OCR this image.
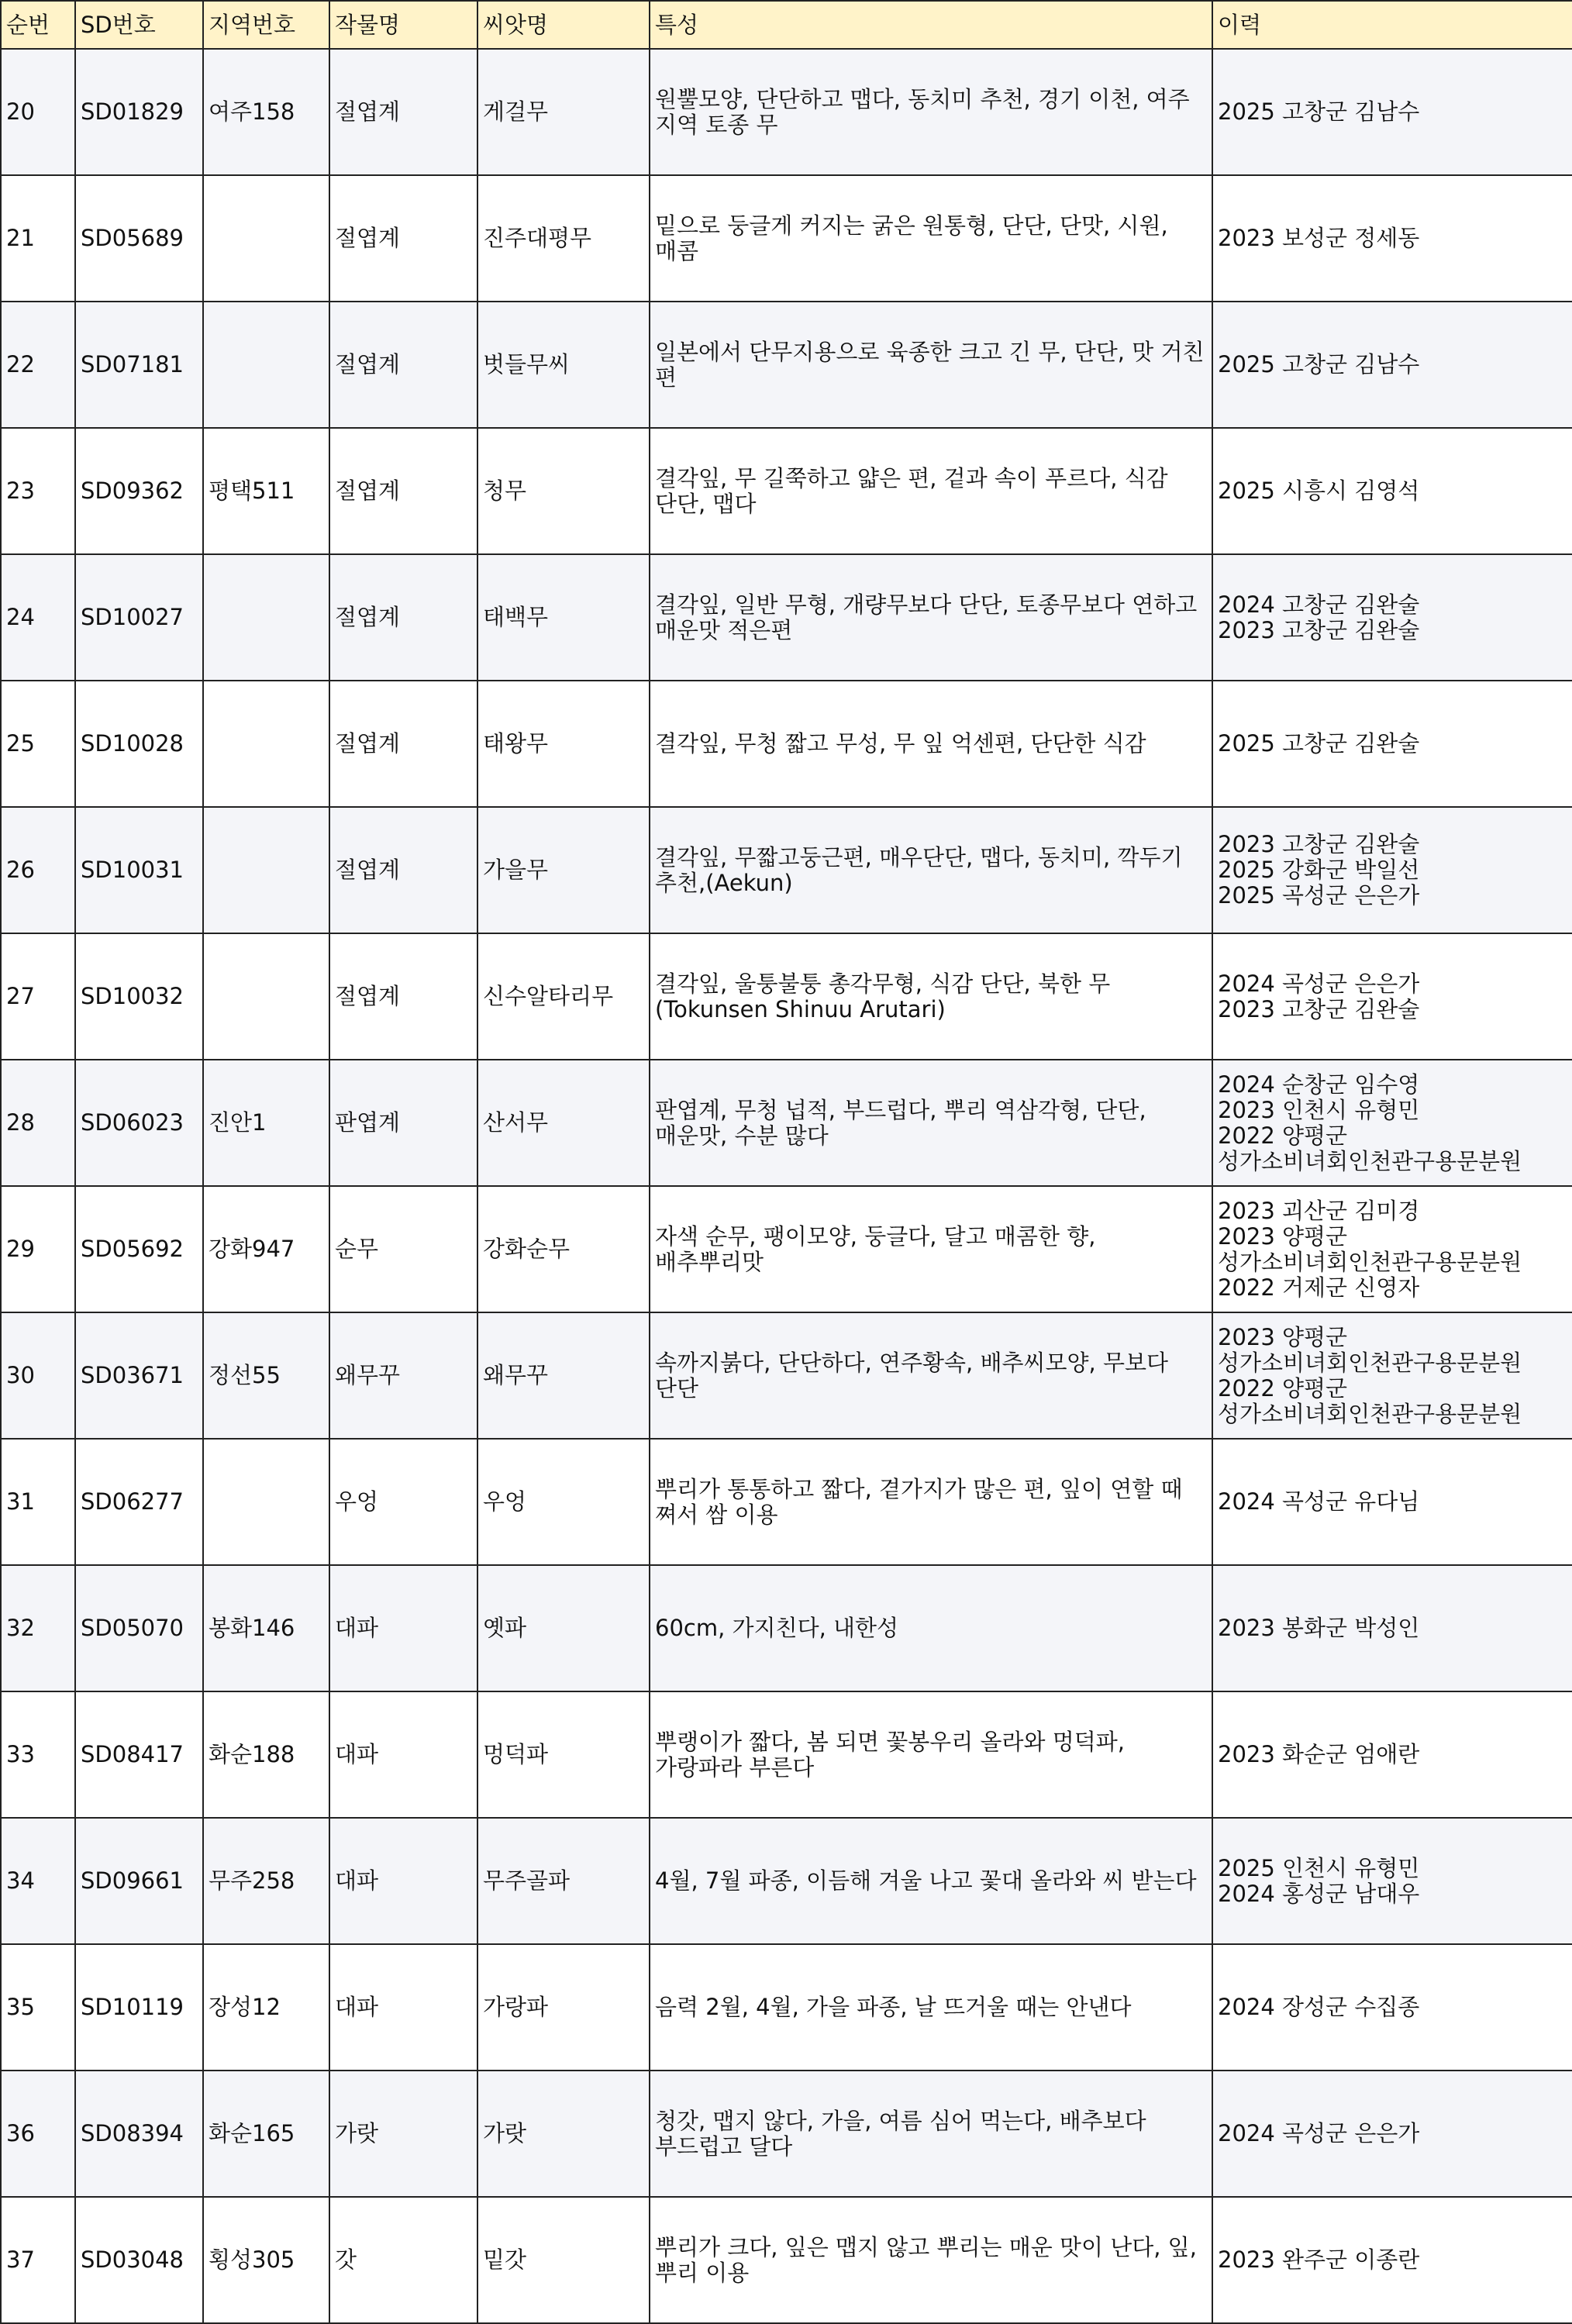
순번	SD번호	지역번호	작물명	씨앗명	특성	이력
20	SD01829	여주158	절엽계	게걸무	원뿔모양, 단단하고 맵다, 동치미 추천, 경기 이천, 여주 지역 토종 무	2025 고창군 김남수
21	SD05689		절엽계	진주대평무	밑으로 둥글게 커지는 굵은 원통형, 단단, 단맛, 시원, 매콤	2023 보성군 정세동
22	SD07181		절엽계	벗들무씨	일본에서 단무지용으로 육종한 크고 긴 무, 단단, 맛 거친 편	2025 고창군 김남수
23	SD09362	평택511	절엽계	청무	결각잎, 무 길쭉하고 얇은 편, 겉과 속이 푸르다, 식감 단단, 맵다	2025 시흥시 김영석
24	SD10027		절엽계	태백무	결각잎, 일반 무형, 개량무보다 단단, 토종무보다 연하고 매운맛 적은편	2024 고창군 김완술
2023 고창군 김완술
25	SD10028		절엽계	태왕무	결각잎, 무청 짧고 무성, 무 잎 억센편, 단단한 식감	2025 고창군 김완술
26	SD10031		절엽계	가을무	결각잎, 무짧고둥근편, 매우단단, 맵다, 동치미, 깍두기 추천,(Aekun)	2023 고창군 김완술
2025 강화군 박일선
2025 곡성군 은은가
27	SD10032		절엽계	신수알타리무	결각잎, 울퉁불퉁 총각무형, 식감 단단, 북한 무 (Tokunsen Shinuu Arutari)	2024 곡성군 은은가
2023 고창군 김완술
28	SD06023	진안1	판엽계	산서무	판엽계, 무청 넙적, 부드럽다, 뿌리 역삼각형, 단단, 매운맛, 수분 많다	2024 순창군 임수영
2023 인천시 유형민
2022 양평군 성가소비녀회인천관구용문분원
29	SD05692	강화947	순무	강화순무	자색 순무, 팽이모양, 둥글다, 달고 매콤한 향, 배추뿌리맛	2023 괴산군 김미경
2023 양평군 성가소비녀회인천관구용문분원
2022 거제군 신영자
30	SD03671	정선55	왜무꾸	왜무꾸	속까지붉다, 단단하다, 연주황속, 배추씨모양, 무보다 단단	2023 양평군 성가소비녀회인천관구용문분원
2022 양평군 성가소비녀회인천관구용문분원
31	SD06277		우엉	우엉	뿌리가 통통하고 짧다, 곁가지가 많은 편, 잎이 연할 때 쪄서 쌈 이용	2024 곡성군 유다님
32	SD05070	봉화146	대파	옛파	60cm, 가지친다, 내한성	2023 봉화군 박성인
33	SD08417	화순188	대파	멍덕파	뿌랭이가 짧다, 봄 되면 꽃봉우리 올라와 멍덕파, 가랑파라 부른다	2023 화순군 엄애란
34	SD09661	무주258	대파	무주골파	4월, 7월 파종, 이듬해 겨울 나고 꽃대 올라와 씨 받는다	2025 인천시 유형민
2024 홍성군 남대우
35	SD10119	장성12	대파	가랑파	음력 2월, 4월, 가을 파종, 날 뜨거울 때는 안낸다	2024 장성군 수집종
36	SD08394	화순165	가랏	가랏	청갓, 맵지 않다, 가을, 여름 심어 먹는다, 배추보다 부드럽고 달다	2024 곡성군 은은가
37	SD03048	횡성305	갓	밑갓	뿌리가 크다, 잎은 맵지 않고 뿌리는 매운 맛이 난다, 잎, 뿌리 이용	2023 완주군 이종란
